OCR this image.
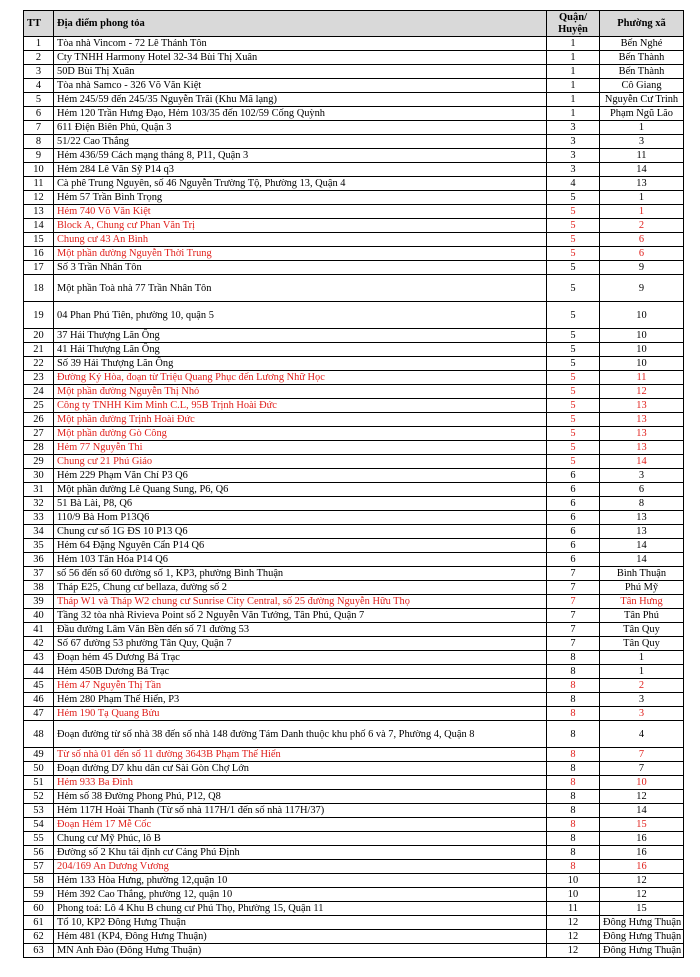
TT	Địa điểm phong tỏa	Quận/ Huyện	Phường xã
1	Tòa nhà Vincom - 72 Lê Thánh Tôn	1	Bến Nghé
2	Cty TNHH Harmony Hotel 32-34 Bùi Thị Xuân	1	Bến Thành
3	50D Bùi Thị Xuân	1	Bến Thành
4	Tòa nhà Samco - 326 Võ Văn Kiệt	1	Cô Giang
5	Hẻm 245/59 đến 245/35 Nguyễn Trãi (Khu Mã lạng)	1	Nguyễn Cư Trinh
6	Hẻm 120 Trần Hưng Đạo, Hẻm 103/35 đến 102/59 Cống Quỳnh	1	Phạm Ngũ Lão
7	611 Điện Biên Phủ, Quận 3	3	1
8	51/22 Cao Thắng	3	3
9	Hẻm 436/59 Cách mạng tháng 8, P11, Quận 3	3	11
10	Hẻm 284 Lê Văn Sỹ P14 q3	3	14
11	Cà phê Trung Nguyên, số 46 Nguyễn Trường Tộ, Phường 13, Quận 4	4	13
12	Hẻm 57 Trần Bình Trọng	5	1
13	Hẻm 740 Võ Văn Kiệt	5	1
14	Block A, Chung cư Phan Văn Trị	5	2
15	Chung cư 43 An Bình	5	6
16	Một phần đường Nguyễn Thời Trung	5	6
17	Số 3 Trần Nhân Tôn	5	9
18	Một phần Toà nhà 77 Trần Nhân Tôn	5	9
19	04 Phan Phú Tiên, phường 10, quận 5	5	10
20	37 Hải Thượng Lãn Ông	5	10
21	41 Hải Thượng Lãn Ông	5	10
22	Số 39 Hải Thượng Lãn Ông	5	10
23	Đường Ký Hòa, đoạn từ Triệu Quang Phục đến Lương Nhữ Học	5	11
24	Một phần đường Nguyễn Thị Nhỏ	5	12
25	Công ty TNHH Kim Minh C.L, 95B Trịnh Hoài Đức	5	13
26	Một phần đường Trịnh Hoài Đức	5	13
27	Một phần đường Gò Công	5	13
28	Hẻm 77 Nguyễn Thi	5	13
29	Chung cư 21 Phú Giáo	5	14
30	Hẻm 229 Phạm Văn Chí P3 Q6	6	3
31	Một phần đường Lê Quang Sung, P6, Q6	6	6
32	51 Bà Lài, P8, Q6	6	8
33	110/9 Bà Hom P13Q6	6	13
34	Chung cư số 1G ĐS 10 P13 Q6	6	13
35	Hẻm 64 Đặng Nguyên Cẩn P14 Q6	6	14
36	Hẻm 103 Tân Hóa P14 Q6	6	14
37	số 56 đến số 60 đường số 1, KP3, phường Bình Thuận	7	Bình Thuận
38	Tháp E25, Chung cư bellaza, đường số 2	7	Phú Mỹ
39	Tháp W1 và Tháp W2 chung cư Sunrise City Central, số 25 đường Nguyễn Hữu Thọ	7	Tân Hưng
40	Tầng 32 tòa nhà Rivieva Point số 2 Nguyễn Văn Tưởng, Tân Phú, Quận 7	7	Tân Phú
41	Đầu đường Lâm Văn Bền đến số 71 đường 53	7	Tân Quy
42	Số 67 đường 53 phường Tân Quy, Quận 7	7	Tân Quy
43	Đoạn hẻm 45 Dương Bá Trạc	8	1
44	Hẻm 450B Dương Bá Trạc	8	1
45	Hẻm 47 Nguyễn Thị Tần	8	2
46	Hẻm 280 Phạm Thế Hiển, P3	8	3
47	Hẻm 190 Tạ Quang Bửu	8	3
48	Đoạn đường từ số nhà 38 đến số nhà 148 đường Tám Danh thuộc khu phố 6 và 7, Phường 4, Quận 8	8	4
49	Từ số nhà 01 đến số 11 đường 3643B Phạm Thế Hiển	8	7
50	Đoạn đường D7 khu dân cư Sài Gòn Chợ Lớn	8	7
51	Hẻm 933 Ba Đình	8	10
52	Hẻm số 38 Đường Phong Phú, P12, Q8	8	12
53	Hẻm 117H Hoài Thanh (Từ số nhà 117H/1 đến số nhà 117H/37)	8	14
54	Đoạn Hẻm 17 Mễ Cốc	8	15
55	Chung cư Mỹ Phúc, lô B	8	16
56	Đường số 2 Khu tái định cư Cảng Phú Định	8	16
57	204/169 An Dương Vương	8	16
58	Hẻm 133 Hòa Hưng, phường 12,quận 10	10	12
59	Hẻm 392 Cao Thắng, phường 12, quận 10	10	12
60	Phong toả: Lô 4 Khu B chung cư Phú Thọ, Phường 15, Quận 11	11	15
61	Tổ 10, KP2 Đông Hưng Thuận	12	Đông Hưng Thuận
62	Hẻm 481 (KP4, Đông Hưng Thuận)	12	Đông Hưng Thuận
63	MN Anh Đào (Đông Hưng Thuận)	12	Đông Hưng Thuận
